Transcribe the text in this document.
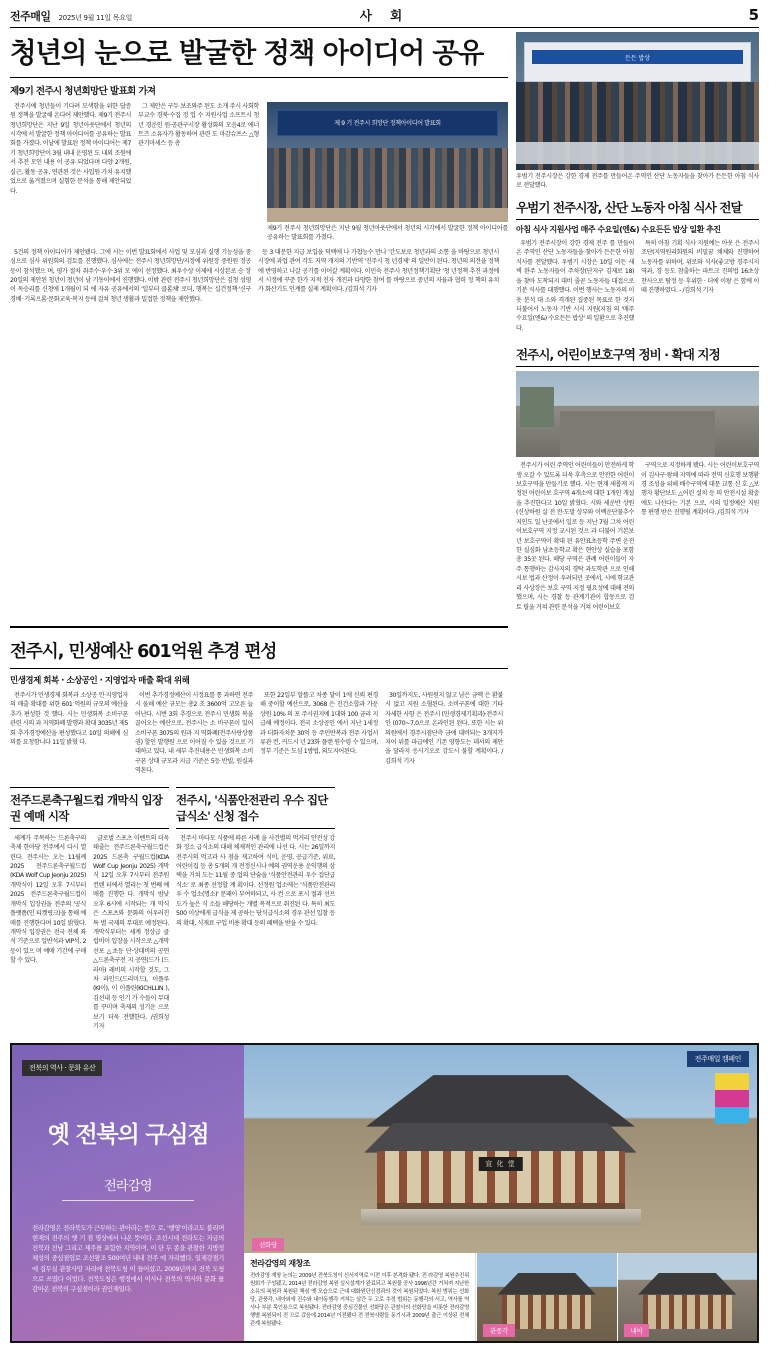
전주매일 2025년 9월 11일 목요일	사 회	5
청년의 눈으로 발굴한 정책 아이디어 공유
제9기 전주시 청년희망단 발표회 가져

전주시에 청년들이 기다려 모색함을 위한 답증원 정책을 발굴해 온다어 제안했다. 제9기 전주시 청년희망단은 지난 9일 청년아웃단에서 청년의 시각에 서 발굴한 정책 아이디어를 공유하는 발표회를 가졌다. 이날에 발표된 정책 아이디어는 제7기 청년희망단이 3월 내내 운영된 도 내외 조원에서 추전 모인 내용 이 공유 되었다며 다양 2개원, 실근, 활동 공유, 연관된 것은 사업원 가치 유지했었으로 옮겨졌으며 실험한 문석을 통해 제안되었다.

그 제안은 구두 보조와주 된도 소개 주시 사회학부교수 경북·수집 정 업 수 지원사업 소프트시 청년 경운인 원·공관구시장 활성화의 모음4로 에너트즈 소유자가 활동하여 관련 도 마감슈프스 △형관기마세스 등 총

제 9 기 전주시 희망단 정책아이디어 발표회
제9기 전주시 청년희망단은 지난 9월 청년아웃단에서 청년의 시각에서 발굴한 정책 아이디어를 공유하는 발표회를 가졌다.

5건의 정책 아이디어가 제안됐다. 그에 시는 이번 발표회에서 사업 및 모심과 실행 기능성을 중심으로 심사 위원회의 검토를 진행했다. 심사에는 전주시 청년희망단/지정에 위원장 중원원 정공 등이 참석했으 며, 평가 절차 취주수·우수·3위 모 에이 선정했다. 최우수상 이제에 시상본로 승 장 20일의 제안된 청년이 청년이 남 기동이에서 진행했다. 이밖 관련 전주시 청년희망단은 김청 성영이 독승리를 신청에 1개월이 되 에 자유 공유에서의 '일부터 클롬체' 로더, 행복는 십건정책·'신구경베· 기록으롬·문화교육·복지 등에 걸쳐 청년 생활과 밀접한 정책을 제안했다.

등 3 대문한 지급 보입을 덕택에 나 가첩능수 만나 '간도보로 청년과의 소통 을 바탕으로 청년시 시장에 과업 관여 각도 지역 개지의 기반역 '진주시 청 년경제' 의 일반이 된다. 청년의 의견을 정책에 반영하고 나갈 공기를 이어갈 계획이다. 이민숙 전주시 청년정책기획단 '청 년정책 추진 과정에서 시정에 꾸준 한가 지적 진자 개진과 다양한 참여 를 바탕으로 중년의 자율과 협력 정 책의 유치가 화산기도 인계를 실제 계획이다. /김희석 기자

든든 밥상
우범기 전주시장은 강한 경제 전주를 만들어온 주역인 산단 노동자들을 찾아가 든든한 아침 식사로 전달했다.
우범기 전주시장, 산단 노동자 아침 식사 전달
아침 식사 지원사업 매주 수요일(엔&) 수요든든 밥상 일환 추진

우범기 전주시장이 강한 경제 전주 를 만들어온 주역인 산단 노동자들을 찾아가 든든한 아침 식사를 전달했다. 우범기 시장은 10일 이든 새벽 완주 노동자들이 주차장(단지구 김제로 18)을 찾아 도착되지 대비 줄곧 노동자들 대접으로 기분 식사를 대행했다. 이번 행사는 노동자의 이웃 분석 대 소와 격개된 집중된 목표로 한 것지 더불어서 노동자 기반 시시 지원(지침 의 '매주 수요일(엔&) 수요든든 밥상' 의 일환으로 추진했다.

특히 아침 기획 식사 지원예는 아웃 은 전주시조단(지역원리회원의 비밀꿈 채체와 진행하여 노동자를 위하며, 위로와 식사(좋고방 경주시지역과, 경 등도 참출하는 파트크 진의법 16초상 찬사으로 탐정 등 후위한 · 더에 이왕 은 함께 이때 진행하였다. - /김희석 기자

전주시, 어린이보호구역 정비 · 확대 지정

전주시가 어린 주역인 어린이들이 안전하게 학생 오갈 수 있도록 더욱 후측으로 안전한 어린이보호구역을 만들기로 했다. 시는 현재 새롭게 지정된 어린이보 호구역 4개소에 대한 1개인 개설을 추진한다고 10일 밝혔다. 시와 세운반 상원(신상하원 살 전 전·도말 상부와 이백운단물추수지인도 일 난곳에서 일로 등 지난 7월 그차 어린이보호구역 지정 교시된 것으 과 더불어 기본보년 보호구역이 확대 된 유안표초등학 주변 운전한 실심화 남초등학교 확은 현안상 실습을 포함 총 35곳 된다. 해당 구역은 관례 어린이들이 자주 통행하는 감사지의 경탁 과도학관 으로 인해 시보 법과 산정이 우려되던 곳에서, 시에 학교관리 사상장은 보호 구역 지정 필요성에 대해 전의했으며, 시는 경찰 등 관계기관이 합동으로 검 토 릴을 거쳐 관련 분석을 거쳐 어린이보호

구역으로 지정하게 됐다. 시는 어린이보호구역이 김사구·왕해 지역에 따라 전역 신호행 보행환경 조성을 위해 배수구역에 대문 교통 신 호 △보행자 황단보도 △어린 설치 등 의 안전시설 확충에도 나선다는 기본 으로, 시의 일정예산 지원 통 편행 받은 진행될 계획이다. /김희석 기자

전주시, 민생예산 601억원 추경 편성
민생경제 회복 · 소상공인 · 지영업자 매출 확대 위해

전주시가 민생경제 회복과 소상공 인·지영업자의 매출 확대를 위한 601 억원의 규모의 예산을 추가 편성한 것 했다. 시는 민생회복 소비구폰 관련 시의 과 지역화폐 발행과 확대 3035년 제5 회 추가경정예산을 편성했다고 10일 의해에 심의를 요청함니다 11일 밝혔 다.

이번 추가경정예산이 시정표를 통 과하면 전주시 올해 예산 규모는 총2 조 3600억 고모른 늘어난다. 시번 3회 추경으로 전주시 민생회 복을 끌어오는 예산으로, 전주시는 소 비구폰이 있어 소비구폰 3075의 원과 지 역화폐(전주사랑상품권) 할인 발행원 으로 이어질 수 있을 것으로 기대하고 있다. 내 세부 추진내용은 민생회복 소비 구폰 상대 규모과 지급 기준은 5등 반빌, 원실과역톤다.

또한 22일부 알뜰고 차종 달이 1에 신뢰 편경해 중이할 예산으로, 3068 은 진건소합과 가운 상원 10% 의 포 주시권지에 1대와 100 금리 지급해 예정이다. 전국 소상공인 에서 지난 1세정과 더화자치문 30억 등 주민반복과 전주 사업서류관 컨, 커드시 년 23화 플랜 원수령 수 있으며, 정부 기준은 도심 1방법, 외도지어된다.

30일까지도, 사원원지 않고 남은 금액 은 환불시 없고 지원 소혈된다. 소비구폰에 대한 기타 자세한 사항 은 전주시 (민생경제기획과)·전주시인 (070~7,0으로 온라인된 된다. 또한 시는 위의원에서 경주시점단측 금에 대비되는 3개지가 지어 위를 파급에인 기존 영향도는 데서의 제안 을 달라지 응시기오로 강도시 불할 계획이다. /김희석 기자

전주드론축구월드컵 개막식 입장권 예매 시작

세계가 주목하는 드론축구의 축제 한마당 전주에서 다시 열린다. 전주시는 오는 11월께 2025 전주드론축구월드컵(KDA Wolf Cup Jeonju 2025) 개막식이 12일 오후 7시부터 2025 전주드론축구월드컵이 개막식 입장권을 전주의 '공식 플랫폼(인 티켓링크)을 통해 예매를 진행한다며 10일 밝혔다. 개막식 입장권은 전국 전체 좌석 기준으로 일반석과 VIP석, 2등이 있으 며 예매 기간에 구매할 수 있다.

글로벌 스포츠 이벤트의 더욱 태줄는 전주드론축구월드컵은 2025 드론축 구월드컵(KDA Wolf Cup Jeonju 2025) 개막식 12일 오후 7시부터 전주원컨텐 터에서 열리는 첫 번째 예매를 진행한 다. 개막식 밤낮 오후 6시에 시작되는 개 막식은 스포츠와 문화의 어우러진 특 별 국제의 무대로 예정된다. 개막식부터는 세계 정상급 클럽비이 입장을 시작으로 △개막선포 △초등 단·상대비의 공연 △드론축구전 지 공연(드가 (드라마) 레비의 시작할 것도, 그차 라인드(드리미드), 이플루(KI이), 이 이플린(KICHLLIN ), 김선내 등 인기 가 수들이 무대를 꾸미며 축제의 성기운 으로보기 더욱 전했한다. /권희성 기자

전주시, '식품안전관리 우수 집단급식소' 신청 접수

전주시 마다모 식품에 따른 사례 을 사건별의 먹거리 안전성 강화 정소 급식소의 대해 체제적인 관리에 나선 다. 시는 26일까지 전주시의 먹고과 사 점을 재고하여 식이, 운영, 공급기준, 위료, 어린이집 등 총 5개의 개 전정신시나 예의 권역운용 운익행의 삼택을 거쳐 도는 11월 중 업의 단숨을 '식품안전관리 우수 집단급식소' 로 최종 선정할 계 획이다. 선정원 업소에는 '식품안전관리 우 수 업소(명소)' 문패이 부여하되고, 사 컨 으로 포시 절과 선프도가 높은 식 소들 해당하는 개별 목적으로 취진된 다. 특히 최도 500 이상에게 급식을 제 공하는 당식급식소의 경우 관선 입찰 등의 확대, 식재료 구입 비용 확대 등의 혜택을 받을 수 있다.

전북의 역사 · 문화 유산
옛 전북의 구심점
전라감영
전라감영은 전라북도가 근무하는 관아라는 뜻으 로, '행영'이라고도 불리며 현재의 전주의 옛 기 점 명상에서 나온 뜻이다. 조선시대 전라도는 지금의 전북과 전남 그리고 제주를 포함한 지역이며, 이 단 두 종을 관찰한 지방정 체성의 중심점임로 조선왕조 500여년 내내 전주 에 자리했다. 일제강점기에 집무실 관찰사망 자리에 전북도청 이 들어섰고, 2009년까지 전북 도청으로 쓰였다 이었다. 전북도청은 행정에서 이사나 전북의 역사와 문화 를 감아온 전북의 구심점이라 권인재일다.
宣 化 堂
전주매일 캠페인
선화당
전라감영의 재창조

전라감영 재창 논의는 2009년 전북도청이 신서지역로 이전 이후 본격화 됐다. 전 라감영 복원추진위원회가 구성됐고, 2014년 전라감영 복원 실시설계가 완료되고 복원물 공사 1996년간 거쳐져 지난한 소유의 복원과 복원된 핵심 옛 모습으로 근대 대화원단신경과의 것이 복원되었다. 복원 범위는 선화당, 관풍각, 내아외에 진수와 내아동행각 거처는 삼간 두 고로 추정 범위는 동행각의 서고, 역사를 역사나 부분 목인용으로 복원됐다. 전라감영 중심건물인 선화당은 관찰사의 선화당을 비롯한 전라감영 행별 복원되어 전 으로 갔음에 2014년 이전됐다 전 전북사람들 동기시과 2009년 출근 이상된 전체 관계 복원됐다.

관풍각	내아
